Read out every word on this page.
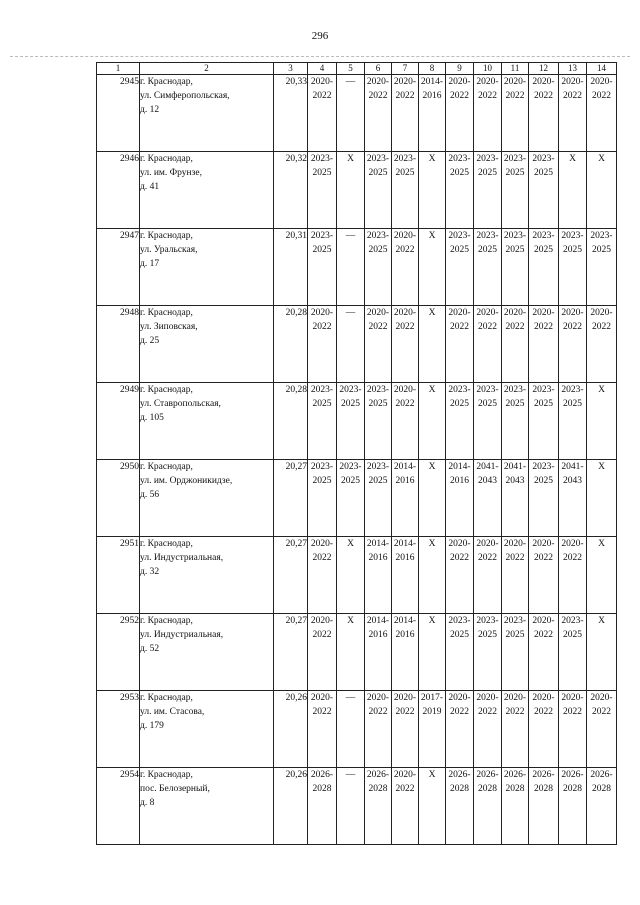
296
1	2	3	4	5	6	7	8	9	10	11	12	13	14
2945	г. Краснодар,
ул. Симферопольская,
д. 12	20,33	2020-
2022	—	2020-
2022	2020-
2022	2014-
2016	2020-
2022	2020-
2022	2020-
2022	2020-
2022	2020-
2022	2020-
2022

2946	г. Краснодар,
ул. им. Фрунзе,
д. 41	20,32	2023-
2025	X	2023-
2025	2023-
2025	X	2023-
2025	2023-
2025	2023-
2025	2023-
2025	X	X

2947	г. Краснодар,
ул. Уральская,
д. 17	20,31	2023-
2025	—	2023-
2025	2020-
2022	X	2023-
2025	2023-
2025	2023-
2025	2023-
2025	2023-
2025	2023-
2025

2948	г. Краснодар,
ул. Зиповская,
д. 25	20,28	2020-
2022	—	2020-
2022	2020-
2022	X	2020-
2022	2020-
2022	2020-
2022	2020-
2022	2020-
2022	2020-
2022

2949	г. Краснодар,
ул. Ставропольская,
д. 105	20,28	2023-
2025	2023-
2025	2023-
2025	2020-
2022	X	2023-
2025	2023-
2025	2023-
2025	2023-
2025	2023-
2025	X

2950	г. Краснодар,
ул. им. Орджоникидзе,
д. 56	20,27	2023-
2025	2023-
2025	2023-
2025	2014-
2016	X	2014-
2016	2041-
2043	2041-
2043	2023-
2025	2041-
2043	X

2951	г. Краснодар,
ул. Индустриальная,
д. 32	20,27	2020-
2022	X	2014-
2016	2014-
2016	X	2020-
2022	2020-
2022	2020-
2022	2020-
2022	2020-
2022	X

2952	г. Краснодар,
ул. Индустриальная,
д. 52	20,27	2020-
2022	X	2014-
2016	2014-
2016	X	2023-
2025	2023-
2025	2023-
2025	2020-
2022	2023-
2025	X

2953	г. Краснодар,
ул. им. Стасова,
д. 179	20,26	2020-
2022	—	2020-
2022	2020-
2022	2017-
2019	2020-
2022	2020-
2022	2020-
2022	2020-
2022	2020-
2022	2020-
2022

2954	г. Краснодар,
пос. Белозерный,
д. 8	20,26	2026-
2028	—	2026-
2028	2020-
2022	X	2026-
2028	2026-
2028	2026-
2028	2026-
2028	2026-
2028	2026-
2028
